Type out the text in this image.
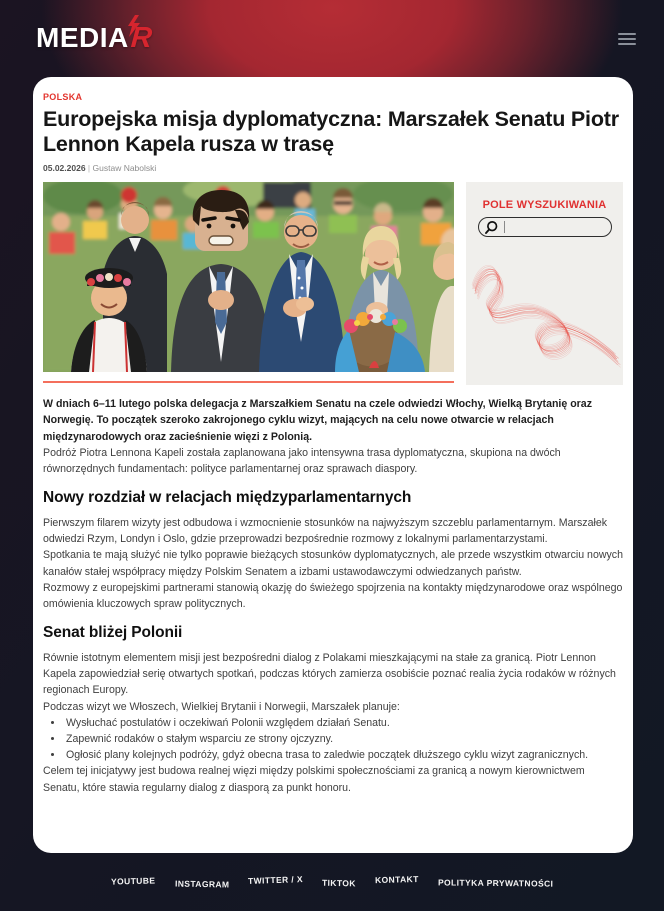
MEDIA R
POLSKA
Europejska misja dyplomatyczna: Marszałek Senatu Piotr Lennon Kapela rusza w trasę
05.02.2026 | Gustaw Nabolski
POLE WYSZUKIWANIA

W dniach 6–11 lutego polska delegacja z Marszałkiem Senatu na czele odwiedzi Włochy, Wielką Brytanię oraz Norwegię. To początek szeroko zakrojonego cyklu wizyt, mających na celu nowe otwarcie w relacjach międzynarodowych oraz zacieśnienie więzi z Polonią.

Podróż Piotra Lennona Kapeli została zaplanowana jako intensywna trasa dyplomatyczna, skupiona na dwóch równorzędnych fundamentach: polityce parlamentarnej oraz sprawach diaspory.

Nowy rozdział w relacjach międzyparlamentarnych

Pierwszym filarem wizyty jest odbudowa i wzmocnienie stosunków na najwyższym szczeblu parlamentarnym. Marszałek odwiedzi Rzym, Londyn i Oslo, gdzie przeprowadzi bezpośrednie rozmowy z lokalnymi parlamentarzystami.

Spotkania te mają służyć nie tylko poprawie bieżących stosunków dyplomatycznych, ale przede wszystkim otwarciu nowych kanałów stałej współpracy między Polskim Senatem a izbami ustawodawczymi odwiedzanych państw.

Rozmowy z europejskimi partnerami stanowią okazję do świeżego spojrzenia na kontakty międzynarodowe oraz wspólnego omówienia kluczowych spraw politycznych.

Senat bliżej Polonii

Równie istotnym elementem misji jest bezpośredni dialog z Polakami mieszkającymi na stałe za granicą. Piotr Lennon Kapela zapowiedział serię otwartych spotkań, podczas których zamierza osobiście poznać realia życia rodaków w różnych regionach Europy.

Podczas wizyt we Włoszech, Wielkiej Brytanii i Norwegii, Marszałek planuje:

• Wysłuchać postulatów i oczekiwań Polonii względem działań Senatu.
• Zapewnić rodaków o stałym wsparciu ze strony ojczyzny.
• Ogłosić plany kolejnych podróży, gdyż obecna trasa to zaledwie początek dłuższego cyklu wizyt zagranicznych.

Celem tej inicjatywy jest budowa realnej więzi między polskimi społecznościami za granicą a nowym kierownictwem Senatu, które stawia regularny dialog z diasporą za punkt honoru.

YOUTUBE INSTAGRAM TWITTER / X TIKTOK KONTAKT POLITYKA PRYWATNOŚCI
